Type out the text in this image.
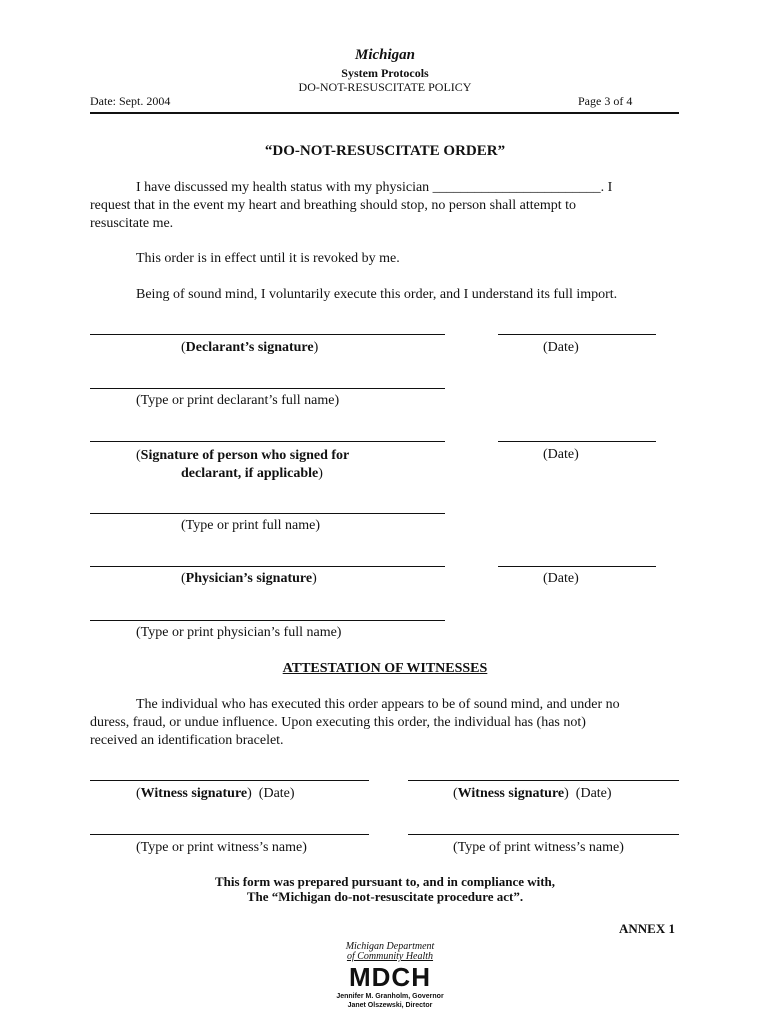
Michigan
System Protocols
DO-NOT-RESUSCITATE POLICY
Date: Sept. 2004	Page 3 of 4
“DO-NOT-RESUSCITATE ORDER”
I have discussed my health status with my physician ________________________. I
request that in the event my heart and breathing should stop, no person shall attempt to
resuscitate me.
This order is in effect until it is revoked by me.
Being of sound mind, I voluntarily execute this order, and I understand its full import.
(Declarant’s signature)	(Date)
(Type or print declarant’s full name)
(Signature of person who signed for
declarant, if applicable)
(Date)
(Type or print full name)
(Physician’s signature)	(Date)
(Type or print physician’s full name)
ATTESTATION OF WITNESSES
The individual who has executed this order appears to be of sound mind, and under no
duress, fraud, or undue influence. Upon executing this order, the individual has (has not)
received an identification bracelet.
(Witness signature)  (Date)	(Witness signature)  (Date)
(Type or print witness’s name)	(Type of print witness’s name)
This form was prepared pursuant to, and in compliance with,
The “Michigan do-not-resuscitate procedure act”.
ANNEX 1
Michigan Department
of Community Health
MDCH
Jennifer M. Granholm, Governor
Janet Olszewski, Director
